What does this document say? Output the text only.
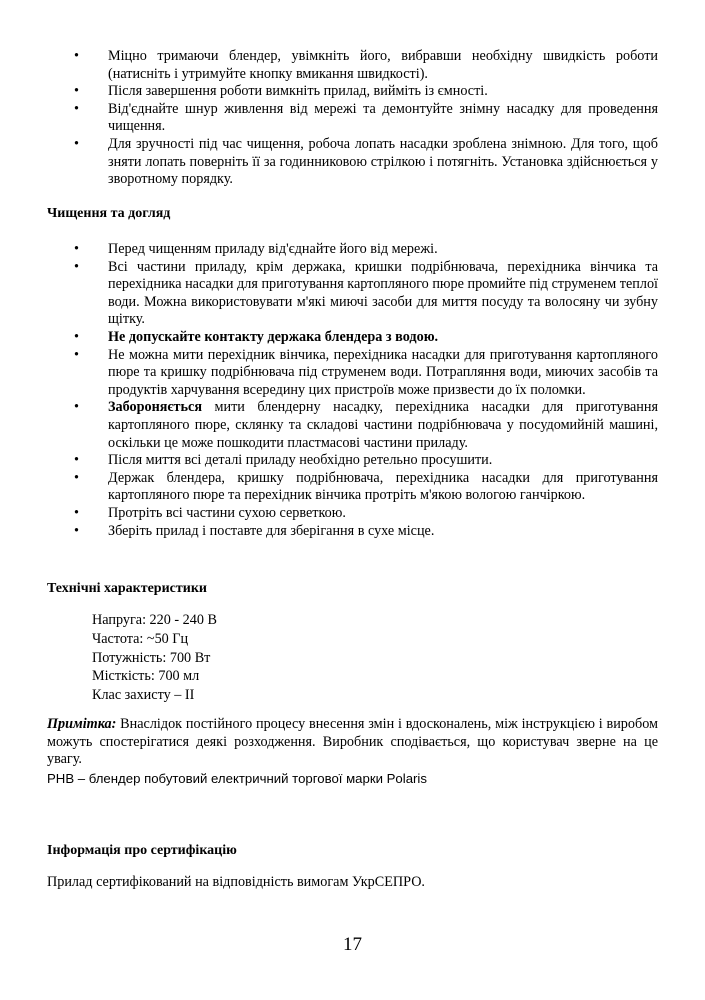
• Міцно тримаючи блендер, увімкніть його, вибравши необхідну швидкість роботи (натисніть і утримуйте кнопку вмикання швидкості).
• Після завершення роботи вимкніть прилад, вийміть із ємності.
• Від'єднайте шнур живлення від мережі та демонтуйте знімну насадку для проведення чищення.
• Для зручності під час чищення, робоча лопать насадки зроблена знімною. Для того, щоб зняти лопать поверніть її за годинниковою стрілкою і потягніть. Установка здійснюється у зворотному порядку.
Чищення та догляд
• Перед чищенням приладу від'єднайте його від мережі.
• Всі частини приладу, крім держака, кришки подрібнювача, перехідника вінчика та перехідника насадки для приготування картопляного пюре промийте під струменем теплої води. Можна використовувати м'які миючі засоби для миття посуду та волосяну чи зубну щітку.
• Не допускайте контакту держака блендера з водою.
• Не можна мити перехідник вінчика, перехідника насадки для приготування картопляного пюре та кришку подрібнювача під струменем води. Потрапляння води, миючих засобів та продуктів харчування всередину цих пристроїв може призвести до їх поломки.
• Забороняється мити блендерну насадку, перехідника насадки для приготування картопляного пюре, склянку та складові частини подрібнювача у посудомийній машині, оскільки це може пошкодити пластмасові частини приладу.
• Після миття всі деталі приладу необхідно ретельно просушити.
• Держак блендера, кришку подрібнювача, перехідника насадки для приготування картопляного пюре та перехідник вінчика протріть м'якою вологою ганчіркою.
• Протріть всі частини сухою серветкою.
• Зберіть прилад і поставте для зберігання в сухе місце.
Технічні характеристики
Напруга: 220 - 240 В
Частота: ~50 Гц
Потужність: 700 Вт
Місткість: 700 мл
Клас захисту – II
Примітка: Внаслідок постійного процесу внесення змін і вдосконалень, між інструкцією і виробом можуть спостерігатися деякі розходження. Виробник сподівається, що користувач зверне на це увагу.
PHB – блендер побутовий електричний торгової марки Polaris
Інформація про сертифікацію
Прилад сертифікований на відповідність вимогам УкрСЕПРО.
17
